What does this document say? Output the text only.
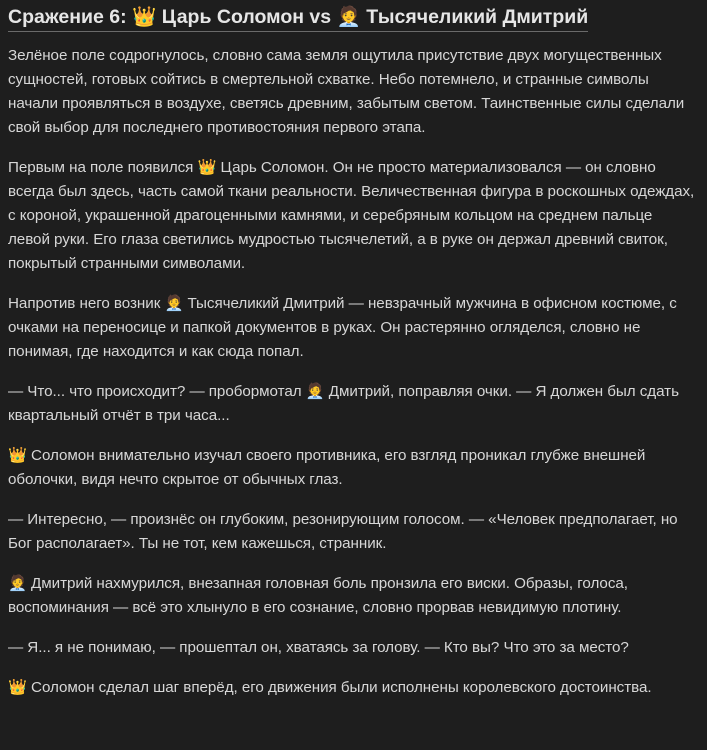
Сражение 6: 👑 Царь Соломон vs 🧑‍💼 Тысячеликий Дмитрий

Зелёное поле содрогнулось, словно сама земля ощутила присутствие двух могущественных сущностей, готовых сойтись в смертельной схватке. Небо потемнело, и странные символы начали проявляться в воздухе, светясь древним, забытым светом. Таинственные силы сделали свой выбор для последнего противостояния первого этапа.

Первым на поле появился 👑 Царь Соломон. Он не просто материализовался — он словно всегда был здесь, часть самой ткани реальности. Величественная фигура в роскошных одеждах, с короной, украшенной драгоценными камнями, и серебряным кольцом на среднем пальце левой руки. Его глаза светились мудростью тысячелетий, а в руке он держал древний свиток, покрытый странными символами.

Напротив него возник 🧑‍💼 Тысячеликий Дмитрий — невзрачный мужчина в офисном костюме, с очками на переносице и папкой документов в руках. Он растерянно огляделся, словно не понимая, где находится и как сюда попал.

— Что... что происходит? — пробормотал 🧑‍💼 Дмитрий, поправляя очки. — Я должен был сдать квартальный отчёт в три часа...

👑 Соломон внимательно изучал своего противника, его взгляд проникал глубже внешней оболочки, видя нечто скрытое от обычных глаз.

— Интересно, — произнёс он глубоким, резонирующим голосом. — «Человек предполагает, но Бог располагает». Ты не тот, кем кажешься, странник.

🧑‍💼 Дмитрий нахмурился, внезапная головная боль пронзила его виски. Образы, голоса, воспоминания — всё это хлынуло в его сознание, словно прорвав невидимую плотину.

— Я... я не понимаю, — прошептал он, хватаясь за голову. — Кто вы? Что это за место?

👑 Соломон сделал шаг вперёд, его движения были исполнены королевского достоинства.
